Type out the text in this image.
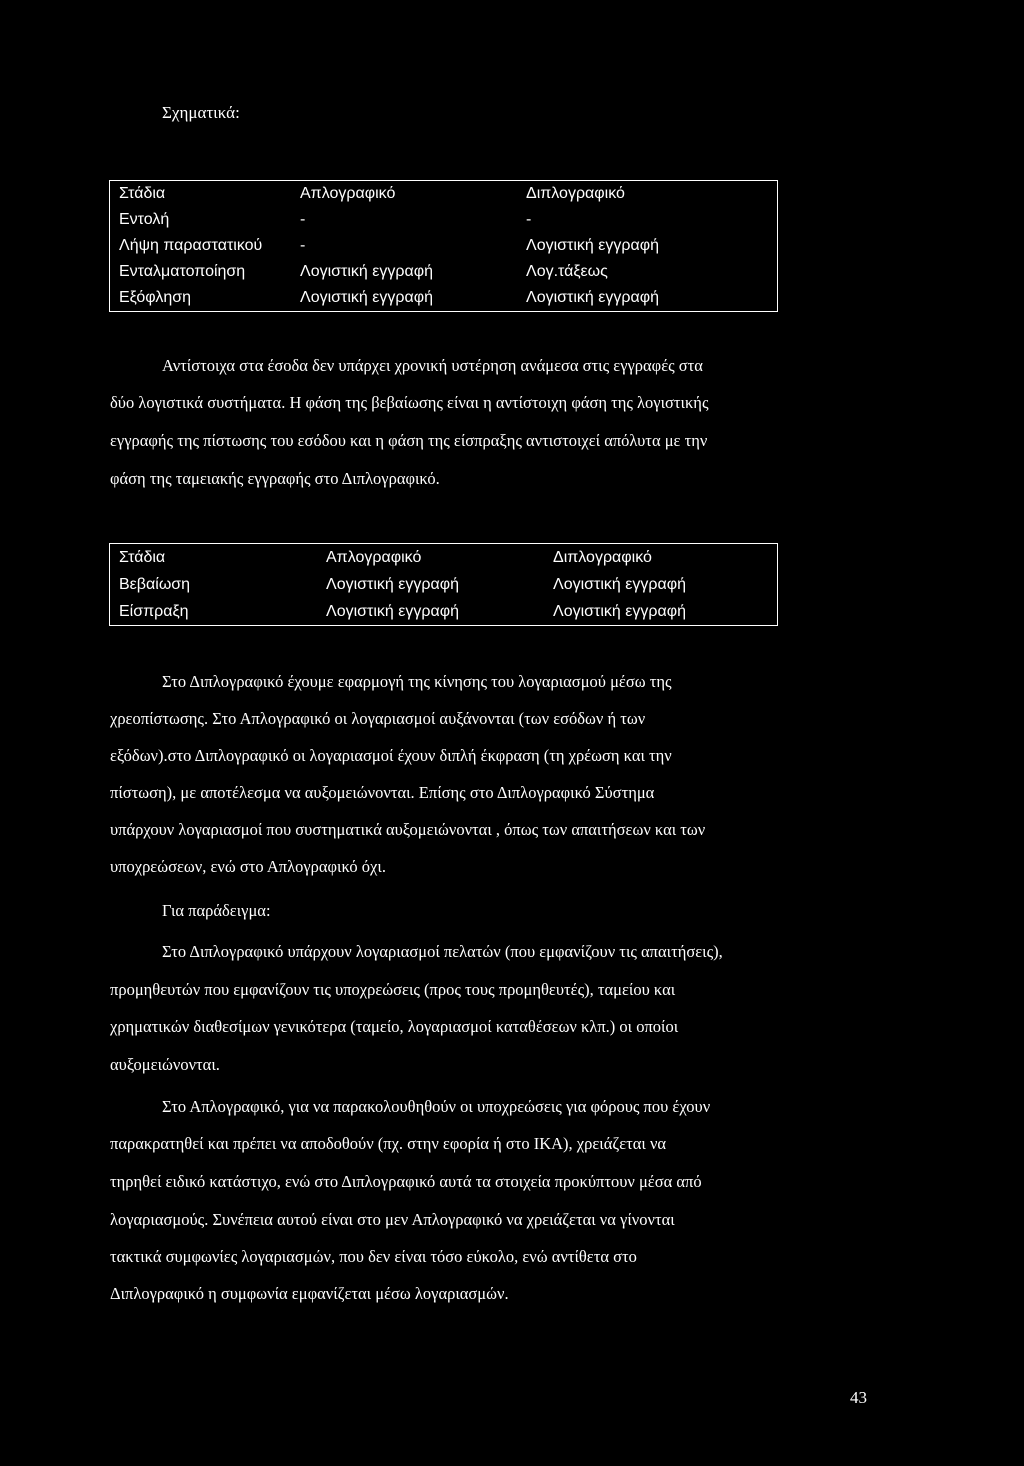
Σχηματικά:
Στάδια	Απλογραφικό	Διπλογραφικό
Εντολή	-	-
Λήψη παραστατικού	-	Λογιστική εγγραφή
Ενταλματοποίηση	Λογιστική εγγραφή	Λογ.τάξεως
Εξόφληση	Λογιστική εγγραφή	Λογιστική εγγραφή
Αντίστοιχα στα έσοδα δεν υπάρχει χρονική υστέρηση ανάμεσα στις εγγραφές στα
δύο λογιστικά συστήματα. Η φάση της βεβαίωσης είναι η αντίστοιχη φάση της λογιστικής
εγγραφής της πίστωσης του εσόδου και η φάση της είσπραξης αντιστοιχεί απόλυτα με την
φάση της ταμειακής εγγραφής στο Διπλογραφικό.
Στάδια	Απλογραφικό	Διπλογραφικό
Βεβαίωση	Λογιστική εγγραφή	Λογιστική εγγραφή
Είσπραξη	Λογιστική εγγραφή	Λογιστική εγγραφή
Στο Διπλογραφικό έχουμε εφαρμογή της κίνησης του λογαριασμού μέσω της
χρεοπίστωσης. Στο Απλογραφικό οι λογαριασμοί αυξάνονται (των εσόδων ή των
εξόδων).στο Διπλογραφικό οι λογαριασμοί έχουν διπλή έκφραση (τη χρέωση και την
πίστωση), με αποτέλεσμα να αυξομειώνονται. Επίσης στο Διπλογραφικό Σύστημα
υπάρχουν λογαριασμοί που συστηματικά αυξομειώνονται , όπως των απαιτήσεων και των
υποχρεώσεων, ενώ στο Απλογραφικό όχι.
Για παράδειγμα:
Στο Διπλογραφικό υπάρχουν λογαριασμοί πελατών (που εμφανίζουν τις απαιτήσεις),
προμηθευτών που εμφανίζουν τις υποχρεώσεις (προς τους προμηθευτές), ταμείου και
χρηματικών διαθεσίμων γενικότερα (ταμείο, λογαριασμοί καταθέσεων κλπ.) οι οποίοι
αυξομειώνονται.
Στο Απλογραφικό, για να παρακολουθηθούν οι υποχρεώσεις για φόρους που έχουν
παρακρατηθεί και πρέπει να αποδοθούν (πχ. στην εφορία ή στο ΙΚΑ), χρειάζεται να
τηρηθεί ειδικό κατάστιχο, ενώ στο Διπλογραφικό αυτά τα στοιχεία προκύπτουν μέσα από
λογαριασμούς. Συνέπεια αυτού είναι στο μεν Απλογραφικό να χρειάζεται να γίνονται
τακτικά συμφωνίες λογαριασμών, που δεν είναι τόσο εύκολο, ενώ αντίθετα στο
Διπλογραφικό η συμφωνία εμφανίζεται μέσω λογαριασμών.
43
